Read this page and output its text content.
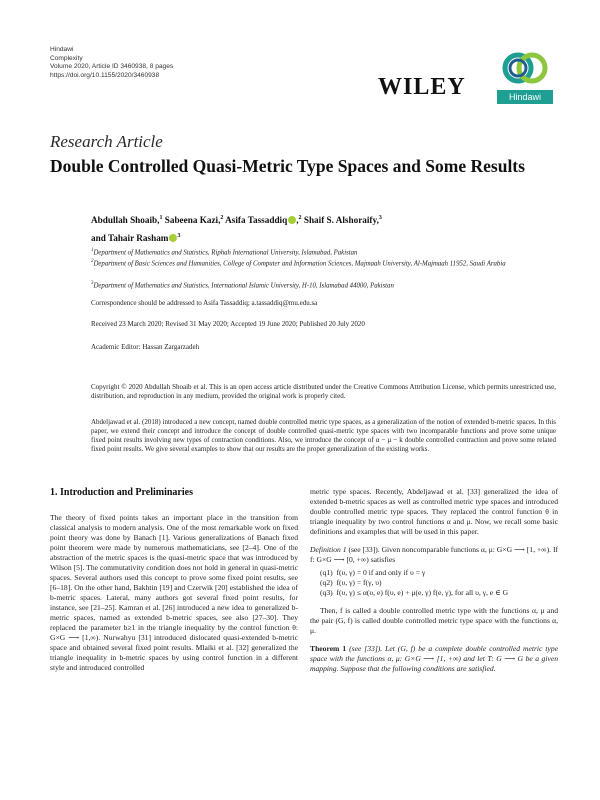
Hindawi
Complexity
Volume 2020, Article ID 3460938, 8 pages
https://doi.org/10.1155/2020/3460938	WILEY	Hindawi
Research Article
Double Controlled Quasi-Metric Type Spaces and Some Results
Abdullah Shoaib,$^1$ Sabeena Kazi,$^2$ Asifa Tassaddiq ,$^2$ Shaif S. Alshoraify,$^3$
and Tahair Rasham $^3$
$^1$Department of Mathematics and Statistics, Riphah International University, Islamabad, Pakistan
$^2$Department of Basic Sciences and Humanities, College of Computer and Information Sciences, Majmaah University, Al-Majmaah 11952, Saudi Arabia
$^3$Department of Mathematics and Statistics, International Islamic University, H-10, Islamabad 44000, Pakistan
Correspondence should be addressed to Asifa Tassaddiq; a.tassaddiq@mu.edu.sa
Received 23 March 2020; Revised 31 May 2020; Accepted 19 June 2020; Published 20 July 2020
Academic Editor: Hassan Zargarzadeh
Copyright © 2020 Abdullah Shoaib et al. This is an open access article distributed under the Creative Commons Attribution License, which permits unrestricted use, distribution, and reproduction in any medium, provided the original work is properly cited.
Abdeljawad et al. (2018) introduced a new concept, named double controlled metric type spaces, as a generalization of the notion of extended b-metric spaces. In this paper, we extend their concept and introduce the concept of double controlled quasi-metric type spaces with two incomparable functions and prove some unique fixed point results involving new types of contraction conditions. Also, we introduce the concept of α − μ − k double controlled contraction and prove some related fixed point results. We give several examples to show that our results are the proper generalization of the existing works.
1. Introduction and Preliminaries

The theory of fixed points takes an important place in the transition from classical analysis to modern analysis. One of the most remarkable work on fixed point theory was done by Banach [1]. Various generalizations of Banach fixed point theorem were made by numerous mathematicians, see [2–4]. One of the abstraction of the metric spaces is the quasi-metric space that was introduced by Wilson [5]. The commutativity condition does not hold in general in quasi-metric spaces. Several authors used this concept to prove some fixed point results, see [6–18]. On the other hand, Bakhtin [19] and Czerwik [20] established the idea of b-metric spaces. Lateral, many authors got several fixed point results, for instance, see [21–25]. Kamran et al. [26] introduced a new idea to generalized b-metric spaces, named as extended b-metric spaces, see also [27–30]. They replaced the parameter b≥1 in the triangle inequality by the control function θ: G×G ⟶ [1,∞). Nurwahyu [31] introduced dislocated quasi-extended b-metric space and obtained several fixed point results. Mlaiki et al. [32] generalized the triangle inequality in b-metric spaces by using control function in a different style and introduced controlled

metric type spaces. Recently, Abdeljawad et al. [33] generalized the idea of extended b-metric spaces as well as controlled metric type spaces and introduced double controlled metric type spaces. They replaced the control function θ in triangle inequality by two control functions α and μ. Now, we recall some basic definitions and examples that will be used in this paper.

Definition 1 (see [33]). Given noncomparable functions α, μ: G×G ⟶ [1, +∞). If f: G×G ⟶ [0, +∞) satisfies

(q1) f(υ, γ) = 0 if and only if υ = γ
(q2) f(υ, γ) = f(γ, υ)
(q3) f(υ, γ) ≤ α(υ, e) f(υ, e) + μ(e, γ) f(e, γ), for all υ, γ, e ∈ G

Then, f is called a double controlled metric type with the functions α, μ and the pair (G, f) is called double controlled metric type space with the functions α, μ.

Theorem 1 (see [33]). Let (G, f) be a complete double controlled metric type space with the functions α, μ: G×G ⟶ [1, +∞) and let T: G ⟶ G be a given mapping. Suppose that the following conditions are satisfied.
